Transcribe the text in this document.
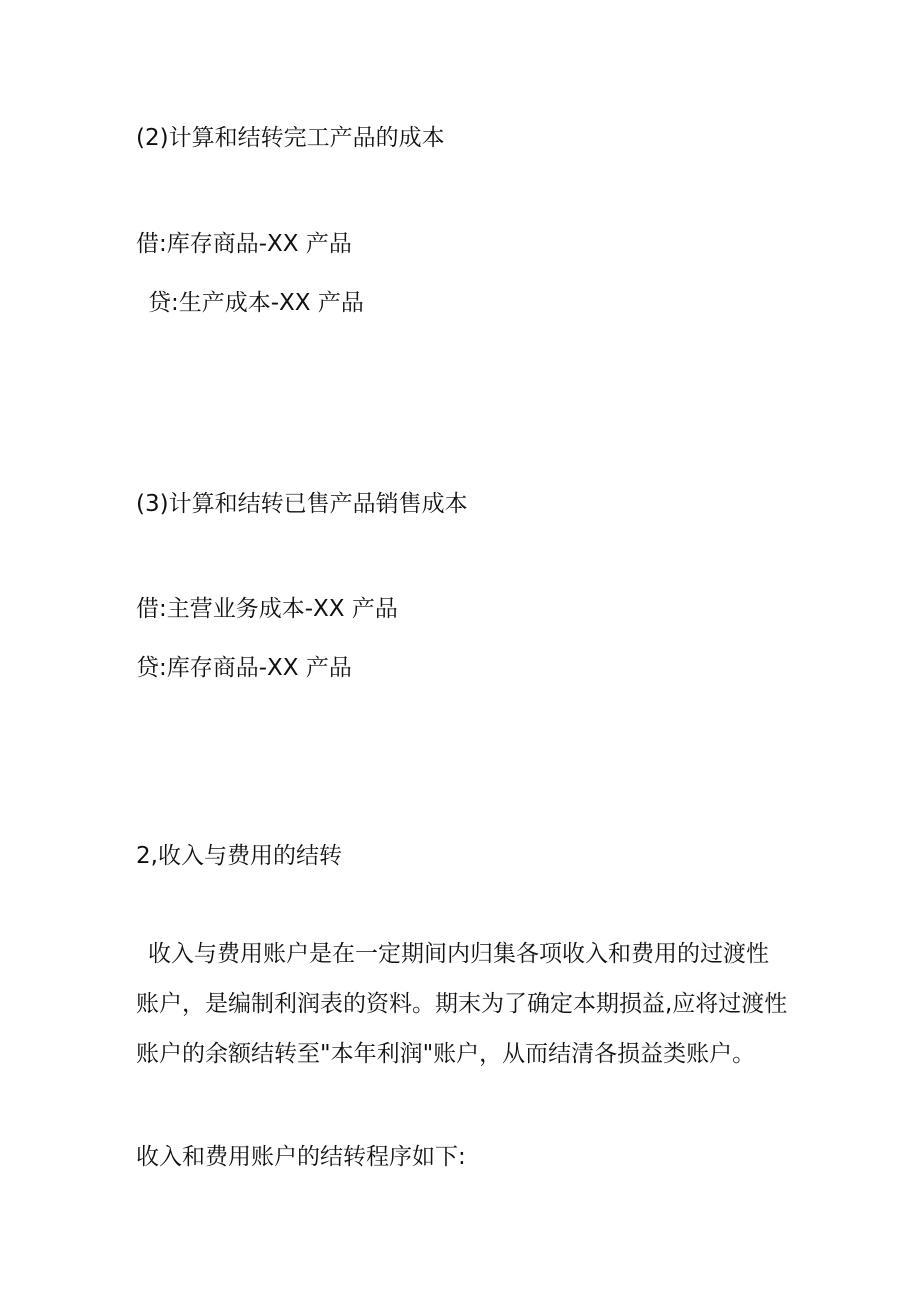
(2)计算和结转完工产品的成本
借:库存商品-XX 产品
贷:生产成本-XX 产品
(3)计算和结转已售产品销售成本
借:主营业务成本-XX 产品
贷:库存商品-XX 产品
2,收入与费用的结转
收入与费用账户是在一定期间内归集各项收入和费用的过渡性
账户，是编制利润表的资料。期末为了确定本期损益,应将过渡性
账户的余额结转至"本年利润"账户，从而结清各损益类账户。
收入和费用账户的结转程序如下:
